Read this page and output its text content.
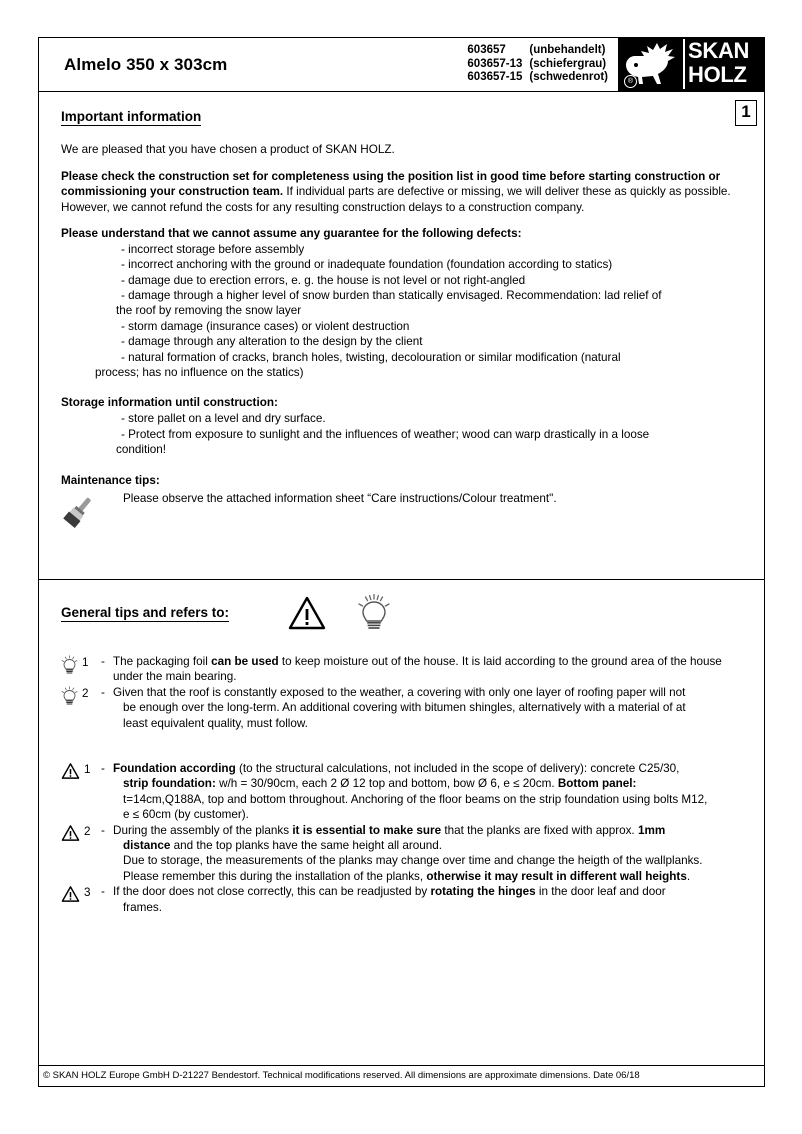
Almelo 350 x 303cm
603657	(unbehandelt)
603657-13 (schiefergrau)
603657-15 (schwedenrot)	®
SKAN
HOLZ
1
Important information

We are pleased that you have chosen a product of SKAN HOLZ.

Please check the construction set for completeness using the position list in good time before starting construction or commissioning your construction team. If individual parts are defective or missing, we will deliver these as quickly as possible. However, we cannot refund the costs for any resulting construction delays to a construction company.

Please understand that we cannot assume any guarantee for the following defects:

- incorrect storage before assembly
- incorrect anchoring with the ground or inadequate foundation (foundation according to statics)
- damage due to erection errors, e. g. the house is not level or not right-angled
- damage through a higher level of snow burden than statically envisaged. Recommendation: lad relief of
the roof by removing the snow layer
- storm damage (insurance cases) or violent destruction
- damage through any alteration to the design by the client
- natural formation of cracks, branch holes, twisting, decolouration or similar modification (natural
process; has no influence on the statics)

Storage information until construction:

- store pallet on a level and dry surface.
- Protect from exposure to sunlight and the influences of weather; wood can warp drastically in a loose
condition!

Maintenance tips:

Please observe the attached information sheet “Care instructions/Colour treatment".
General tips and refers to:
1 - The packaging foil can be used to keep moisture out of the house. It is laid according to the ground area of the house under the main bearing.
2 - Given that the roof is constantly exposed to the weather, a covering with only one layer of roofing paper will not
be enough over the long-term. An additional covering with bitumen shingles, alternatively with a material of at
least equivalent quality, must follow.
1 - Foundation according (to the structural calculations, not included in the scope of delivery): concrete C25/30,
strip foundation: w/h = 30/90cm, each 2 Ø 12 top and bottom, bow Ø 6, e ≤ 20cm. Bottom panel:
t=14cm,Q188A, top and bottom throughout. Anchoring of the floor beams on the strip foundation using bolts M12,
e ≤ 60cm (by customer).
2 - During the assembly of the planks it is essential to make sure that the planks are fixed with approx. 1mm
distance and the top planks have the same height all around.
Due to storage, the measurements of the planks may change over time and change the heigth of the wallplanks.
Please remember this during the installation of the planks, otherwise it may result in different wall heights.
3 - If the door does not close correctly, this can be readjusted by rotating the hinges in the door leaf and door
frames.
© SKAN HOLZ Europe GmbH D-21227 Bendestorf. Technical modifications reserved. All dimensions are approximate dimensions. Date 06/18
